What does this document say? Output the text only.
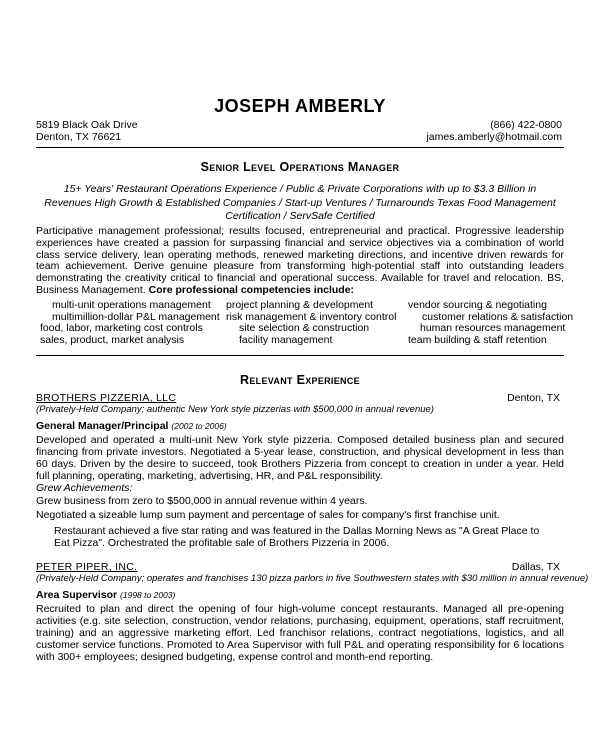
JOSEPH AMBERLY
5819 Black Oak Drive
Denton, TX 76621
(866) 422-0800
james.amberly@hotmail.com
Senior Level Operations Manager
15+ Years' Restaurant Operations Experience / Public & Private Corporations with up to $3.3 Billion in Revenues High Growth & Established Companies / Start-up Ventures / Turnarounds Texas Food Management Certification / ServSafe Certified
Participative management professional; results focused, entrepreneurial and practical. Progressive leadership experiences have created a passion for surpassing financial and service objectives via a combination of world class service delivery, lean operating methods, renewed marketing directions, and incentive driven rewards for team achievement. Derive genuine pleasure from transforming high-potential staff into outstanding leaders demonstrating the creativity critical to financial and operational success. Available for travel and relocation. BS, Business Management. Core professional competencies include:
multi-unit operations management
multimillion-dollar P&L management
food, labor, marketing cost controls
sales, product, market analysis
project planning & development
risk management & inventory control
site selection & construction
facility management
vendor sourcing & negotiating
customer relations & satisfaction
human resources management
team building & staff retention
Relevant Experience
BROTHERS PIZZERIA, LLC	Denton, TX
(Privately-Held Company; authentic New York style pizzerias with $500,000 in annual revenue)
General Manager/Principal (2002 to 2006)
Developed and operated a multi-unit New York style pizzeria. Composed detailed business plan and secured financing from private investors. Negotiated a 5-year lease, construction, and physical development in less than 60 days. Driven by the desire to succeed, took Brothers Pizzeria from concept to creation in under a year. Held full planning, operating, marketing, advertising, HR, and P&L responsibility.
Grew Achievements:
Grew business from zero to $500,000 in annual revenue within 4 years.
Negotiated a sizeable lump sum payment and percentage of sales for company's first franchise unit.
Restaurant achieved a five star rating and was featured in the Dallas Morning News as "A Great Place to Eat Pizza". Orchestrated the profitable sale of Brothers Pizzeria in 2006.
PETER PIPER, INC.	Dallas, TX
(Privately-Held Company; operates and franchises 130 pizza parlors in five Southwestern states with $30 million in annual revenue)
Area Supervisor (1998 to 2003)
Recruited to plan and direct the opening of four high-volume concept restaurants. Managed all pre-opening activities (e.g. site selection, construction, vendor relations, purchasing, equipment, operations, staff recruitment, training) and an aggressive marketing effort. Led franchisor relations, contract negotiations, logistics, and all customer service functions. Promoted to Area Supervisor with full P&L and operating responsibility for 6 locations with 300+ employees; designed budgeting, expense control and month-end reporting.
